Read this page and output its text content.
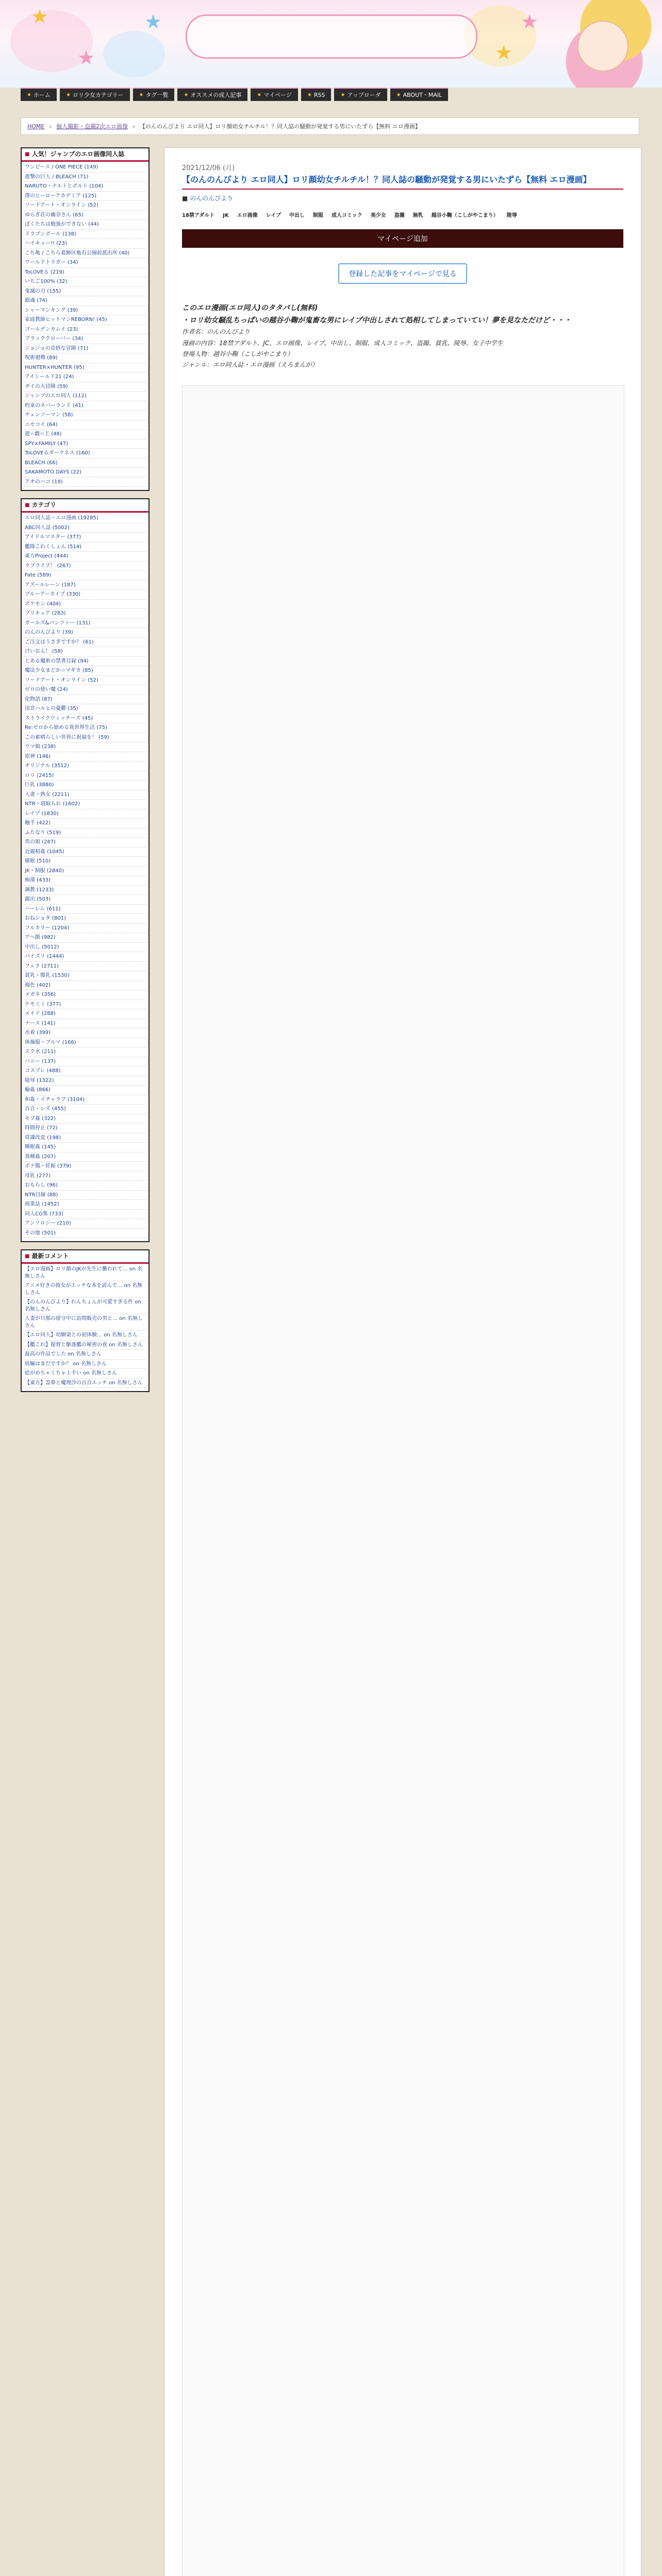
★
★
★
★
★
★ ホーム	★ ロリ少女カテゴリー	★ タグ一覧	★ オススメの成人記事	★ マイページ	★ RSS	★ アップローダ	★ ABOUT・MAIL
HOME » 個人撮影・盗撮2次エロ画像 » 【のんのんびより エロ同人】ロリ顔幼女チルチル！？同人誌の騒動が発覚する男にいたずら【無料 エロ漫画】
■ 人気！ジャンプのエロ画像同人誌
ワンピース / ONE PIECE (149)
進撃の巨人 / BLEACH (71)
NARUTO・ナルトとボルト (104)
僕のヒーローアカデミア (125)
ソードアート・オンライン (52)
ゆらぎ荘の幽奈さん (65)
ぼくたちは勉強ができない (44)
ドラゴンボール (138)
ハイキュー!! (23)
こち亀 / こちら葛飾区亀有公園前派出所 (40)
ワールドトリガー (34)
ToLOVEる (219)
いちご100% (32)
鬼滅の刃 (155)
銀魂 (74)
シャーマンキング (39)
家庭教師ヒットマンREBORN! (45)
ゴールデンカムイ (23)
ブラッククローバー (34)
ジョジョの奇妙な冒険 (71)
呪術廻戦 (89)
HUNTER×HUNTER (95)
アイシールド21 (24)
ダイの大冒険 (59)
ジャンプのエロ同人 (112)
約束のネバーランド (41)
チェンソーマン (58)
ニセコイ (64)
遊☆戯☆王 (48)
SPY×FAMILY (47)
ToLOVEるダークネス (160)
BLEACH (66)
SAKAMOTO DAYS (22)
アオのハコ (19)
■ カテゴリ
エロ同人誌・エロ漫画 (19285)
ABC同人誌 (5002)
アイドルマスター (377)
艦隊これくしょん (514)
東方Project (444)
ラブライブ！ (267)
Fate (589)
アズールレーン (187)
ブルーアーカイブ (330)
ポケモン (404)
プリキュア (283)
ガールズ&パンツァー (131)
のんのんびより (39)
ご注文はうさぎですか？ (61)
けいおん！ (58)
とある魔術の禁書目録 (94)
魔法少女まどか☆マギカ (85)
ソードアート・オンライン (52)
ゼロの使い魔 (24)
化物語 (87)
涼宮ハルヒの憂鬱 (35)
ストライクウィッチーズ (45)
Re:ゼロから始める異世界生活 (75)
この素晴らしい世界に祝福を！ (59)
ウマ娘 (238)
原神 (146)
オリジナル (3512)
ロリ (2415)
巨乳 (3880)
人妻・熟女 (2211)
NTR・寝取られ (1602)
レイプ (1830)
触手 (422)
ふたなり (519)
男の娘 (287)
近親相姦 (1045)
催眠 (510)
JK・制服 (2840)
痴漢 (433)
調教 (1233)
露出 (503)
ハーレム (611)
おねショタ (801)
フルカラー (1204)
アヘ顔 (982)
中出し (5012)
パイズリ (1444)
フェラ (2711)
貧乳・微乳 (1530)
褐色 (402)
メガネ (356)
ケモミミ (377)
メイド (288)
ナース (141)
水着 (399)
体操服・ブルマ (166)
スク水 (211)
バニー (137)
コスプレ (488)
陵辱 (1322)
輪姦 (866)
和姦・イチャラブ (3104)
百合・レズ (455)
モブ姦 (322)
時間停止 (72)
常識改変 (198)
睡眠姦 (145)
異種姦 (207)
ボテ腹・妊娠 (379)
母乳 (277)
おもらし (96)
NTR目線 (88)
商業誌 (1452)
同人CG集 (733)
アンソロジー (210)
その他 (501)
■ 最新コメント
【エロ漫画】ロリ顔のJKが先生に襲われて… on 名無しさん
アニメ好きの彼女がエッチな本を読んで… on 名無しさん
【のんのんびより】れんちょんが可愛すぎる件 on 名無しさん
人妻が旦那の留守中に訪問販売の男と… on 名無しさん
【エロ同人】幼馴染との初体験… on 名無しさん
【艦これ】提督と駆逐艦の秘密の夜 on 名無しさん
最高の作品でした on 名無しさん
続編はまだですか？ on 名無しさん
絵がめちゃくちゃ上手い on 名無しさん
【東方】霊夢と魔理沙の百合エッチ on 名無しさん
2021/12/06 (月)
【のんのんびより エロ同人】ロリ顔幼女チルチル！？同人誌の騒動が発覚する男にいたずら【無料 エロ漫画】
■ のんのんびより
18禁アダルト JK エロ画像 レイプ 中出し 制服 成人コミック 美少女 盗撮 無乳 越谷小鞠（こしがやこまり） 陵辱
マイページ追加
登録した記事をマイページで見る

このエロ漫画(エロ同人)のタタパし(無料)

・ロリ幼女騒乱ちっぱいの越谷小鞠が鬼畜な男にレイプ中出しされて処相してしまっていてい！夢を見なただけど・・・

作者名：のんのんびより

漫画の内容：18禁アダルト、JC、エロ画像、レイプ、中出し、制服、成人コミック、盗撮、貧乳、陵辱、女子中学生

登場人物：越谷小鞠（こしがやこまり）

ジャンル：エロ同人誌・エロ漫画（えろまんが）
